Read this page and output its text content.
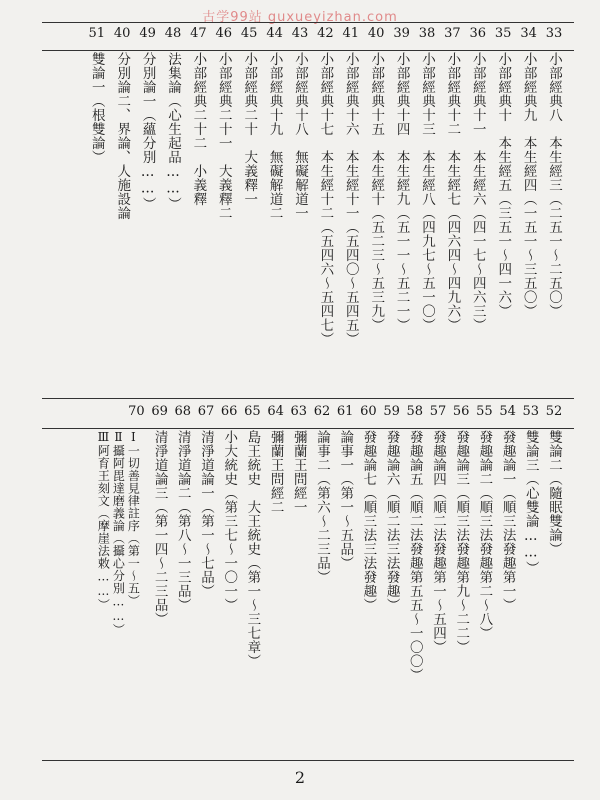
古学99站 guxueyizhan.com
33
34
35
36
37
38
39
40
41
42
43
44
45
46
47
48
49
40
51
小部經典八　本生經三（二五一〜二五〇）
小部經典九　本生經四（一五一〜三五〇）
小部經典十　本生經五（三五一〜四一六）
小部經典十一　本生經六（四一七〜四六三）
小部經典十二　本生經七（四六四〜四九六）
小部經典十三　本生經八（四九七〜五一〇）
小部經典十四　本生經九（五一一〜五二一）
小部經典十五　本生經十（五二三〜五三九）
小部經典十六　本生經十一（五四〇〜五四五）
小部經典十七　本生經十二（五四六〜五四七）
小部經典十八　無礙解道一
小部經典十九　無礙解道二
小部經典二十　大義釋一
小部經典二十一　大義釋二
小部經典二十二　小義釋
法集論（心生起品……）
分別論一（蘊分別……）
分別論二、界論、人施設論
雙論一（根雙論）
52
53
54
55
56
57
58
59
60
61
62
63
64
65
66
67
68
69
70
雙論二（隨眠雙論）
雙論三（心雙論……）
發趣論一（順三法發趣第一）
發趣論二（順三法發趣第二〜八）
發趣論三（順三法發趣第九〜二二）
發趣論四（順二法發趣第一〜五四）
發趣論五（順二法發趣第五五〜一〇〇）
發趣論六（順二法三法發趣）
發趣論七（順三法三法發趣）
論事一（第一〜五品）
論事二（第六〜二三品）
彌蘭王問經一
彌蘭王問經二
島王統史　大王統史（第一〜三七章）
小大統史（第三七〜一〇一）
清淨道論一（第一〜七品）
清淨道論二（第八〜一三品）
清淨道論三（第一四〜二三品）
Ⅰ一切善見律註序（第一〜五）
Ⅱ攝阿毘達磨義論（攝心分別……）
Ⅲ阿育王刻文（摩崖法敕……）
2
